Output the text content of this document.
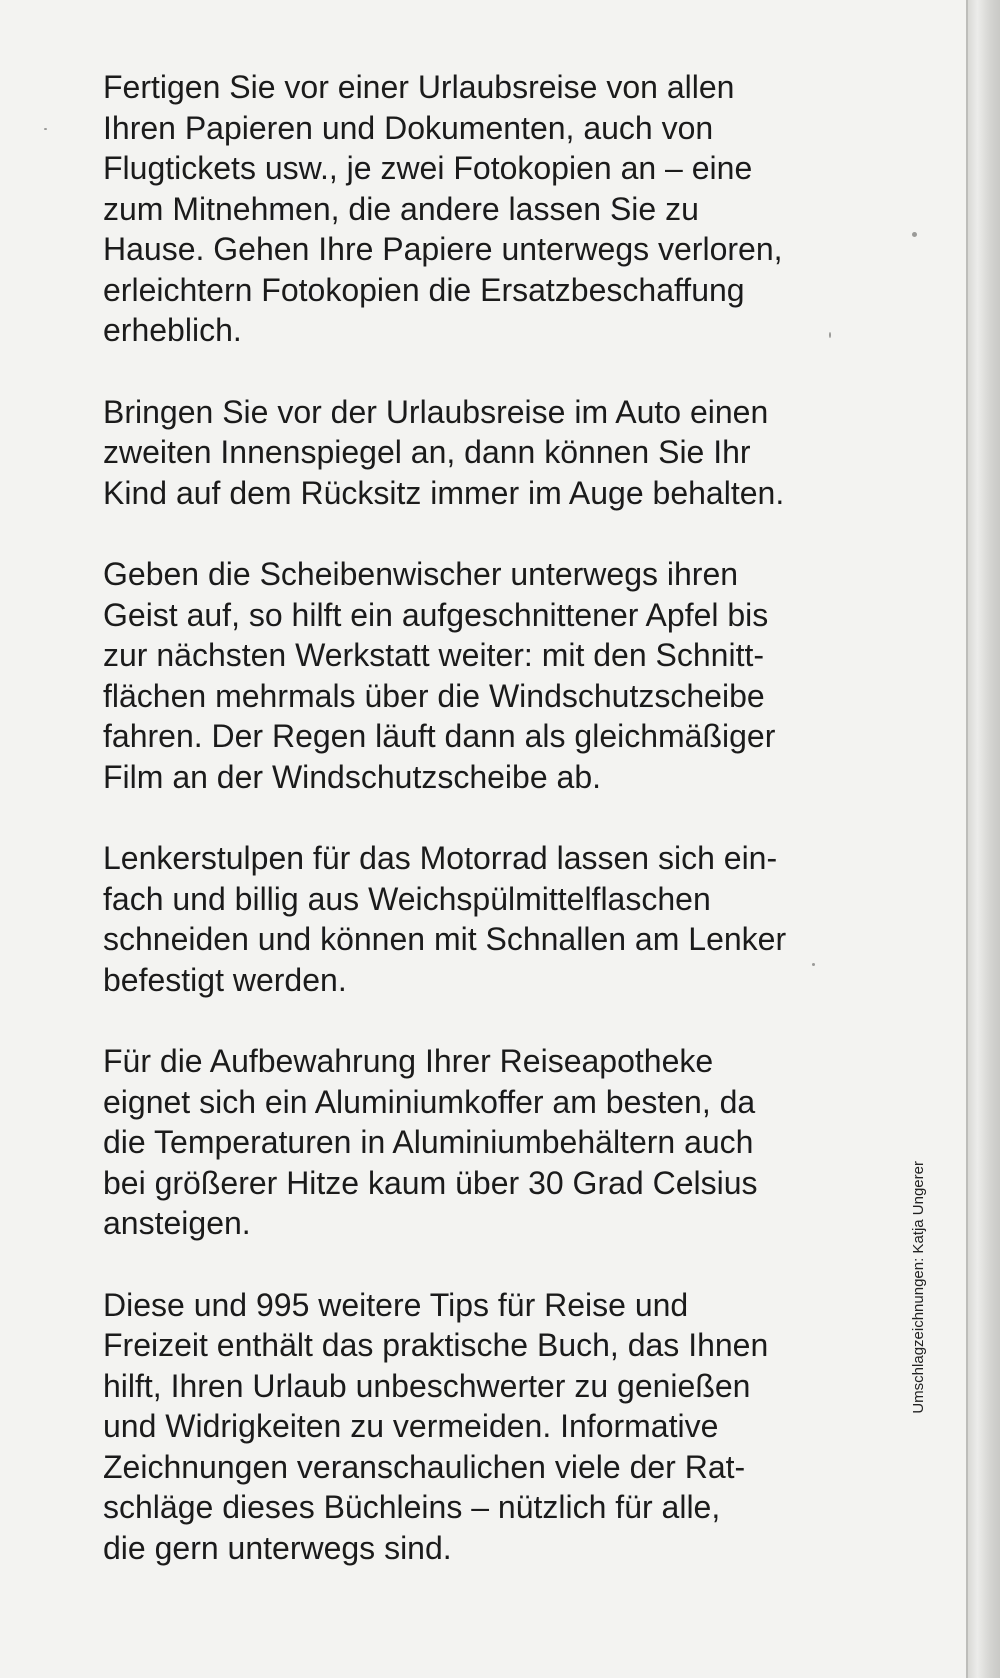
Fertigen Sie vor einer Urlaubsreise von allen
Ihren Papieren und Dokumenten, auch von
Flugtickets usw., je zwei Fotokopien an – eine
zum Mitnehmen, die andere lassen Sie zu
Hause. Gehen Ihre Papiere unterwegs verloren,
erleichtern Fotokopien die Ersatzbeschaffung
erheblich.

Bringen Sie vor der Urlaubsreise im Auto einen
zweiten Innenspiegel an, dann können Sie Ihr
Kind auf dem Rücksitz immer im Auge behalten.

Geben die Scheibenwischer unterwegs ihren
Geist auf, so hilft ein aufgeschnittener Apfel bis
zur nächsten Werkstatt weiter: mit den Schnitt-
flächen mehrmals über die Windschutzscheibe
fahren. Der Regen läuft dann als gleichmäßiger
Film an der Windschutzscheibe ab.

Lenkerstulpen für das Motorrad lassen sich ein-
fach und billig aus Weichspülmittelflaschen
schneiden und können mit Schnallen am Lenker
befestigt werden.

Für die Aufbewahrung Ihrer Reiseapotheke
eignet sich ein Aluminiumkoffer am besten, da
die Temperaturen in Aluminiumbehältern auch
bei größerer Hitze kaum über 30 Grad Celsius
ansteigen.

Diese und 995 weitere Tips für Reise und
Freizeit enthält das praktische Buch, das Ihnen
hilft, Ihren Urlaub unbeschwerter zu genießen
und Widrigkeiten zu vermeiden. Informative
Zeichnungen veranschaulichen viele der Rat-
schläge dieses Büchleins – nützlich für alle,
die gern unterwegs sind.

Umschlagzeichnungen: Katja Ungerer
